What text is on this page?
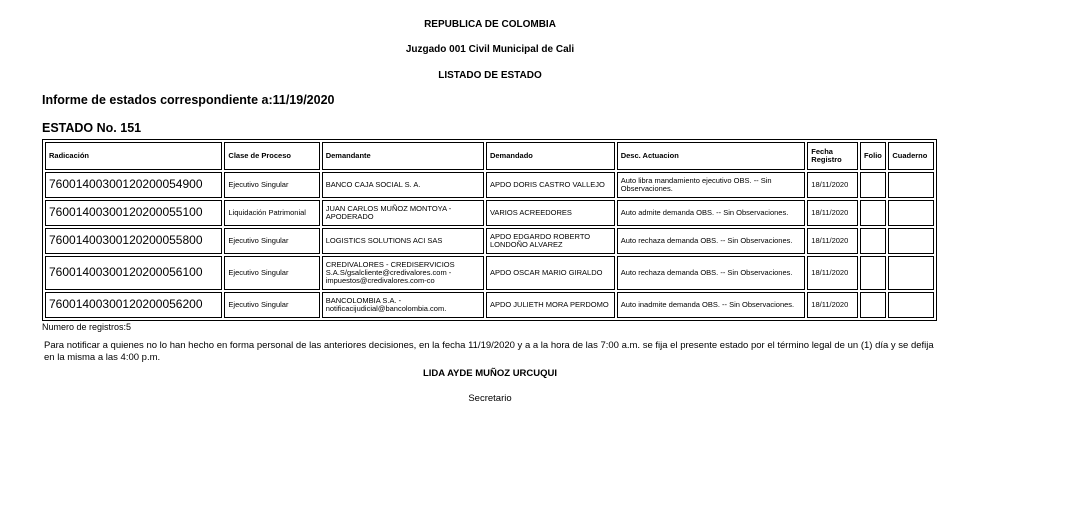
REPUBLICA DE COLOMBIA
Juzgado 001 Civil Municipal de Cali
LISTADO DE ESTADO
Informe de estados correspondiente a:11/19/2020
ESTADO No. 151
Radicación	Clase de Proceso	Demandante	Demandado	Desc. Actuacion	Fecha Registro	Folio	Cuaderno
76001400300120200054900	Ejecutivo Singular	BANCO CAJA SOCIAL S. A.	APDO DORIS CASTRO VALLEJO	Auto libra mandamiento ejecutivo OBS. -- Sin Observaciones.	18/11/2020		
76001400300120200055100	Liquidación Patrimonial	JUAN CARLOS MUÑOZ MONTOYA - APODERADO	VARIOS ACREEDORES	Auto admite demanda OBS. -- Sin Observaciones.	18/11/2020		
76001400300120200055800	Ejecutivo Singular	LOGISTICS SOLUTIONS ACI SAS	APDO EDGARDO ROBERTO LONDOÑO ALVAREZ	Auto rechaza demanda OBS. -- Sin Observaciones.	18/11/2020		
76001400300120200056100	Ejecutivo Singular	CREDIVALORES - CREDISERVICIOS S.A.S/gsalcliente@credivalores.com - impuestos@credivalores.com-co	APDO OSCAR MARIO GIRALDO	Auto rechaza demanda OBS. -- Sin Observaciones.	18/11/2020		
76001400300120200056200	Ejecutivo Singular	BANCOLOMBIA S.A. - notificacijudicial@bancolombia.com.	APDO JULIETH MORA PERDOMO	Auto inadmite demanda OBS. -- Sin Observaciones.	18/11/2020		
Numero de registros:5
Para notificar a quienes no lo han hecho en forma personal de las anteriores decisiones, en la fecha 11/19/2020 y a a la hora de las 7:00 a.m. se fija el presente estado por el término legal de un (1) día y se defija en la misma a las 4:00 p.m.
LIDA AYDE MUÑOZ URCUQUI
Secretario
